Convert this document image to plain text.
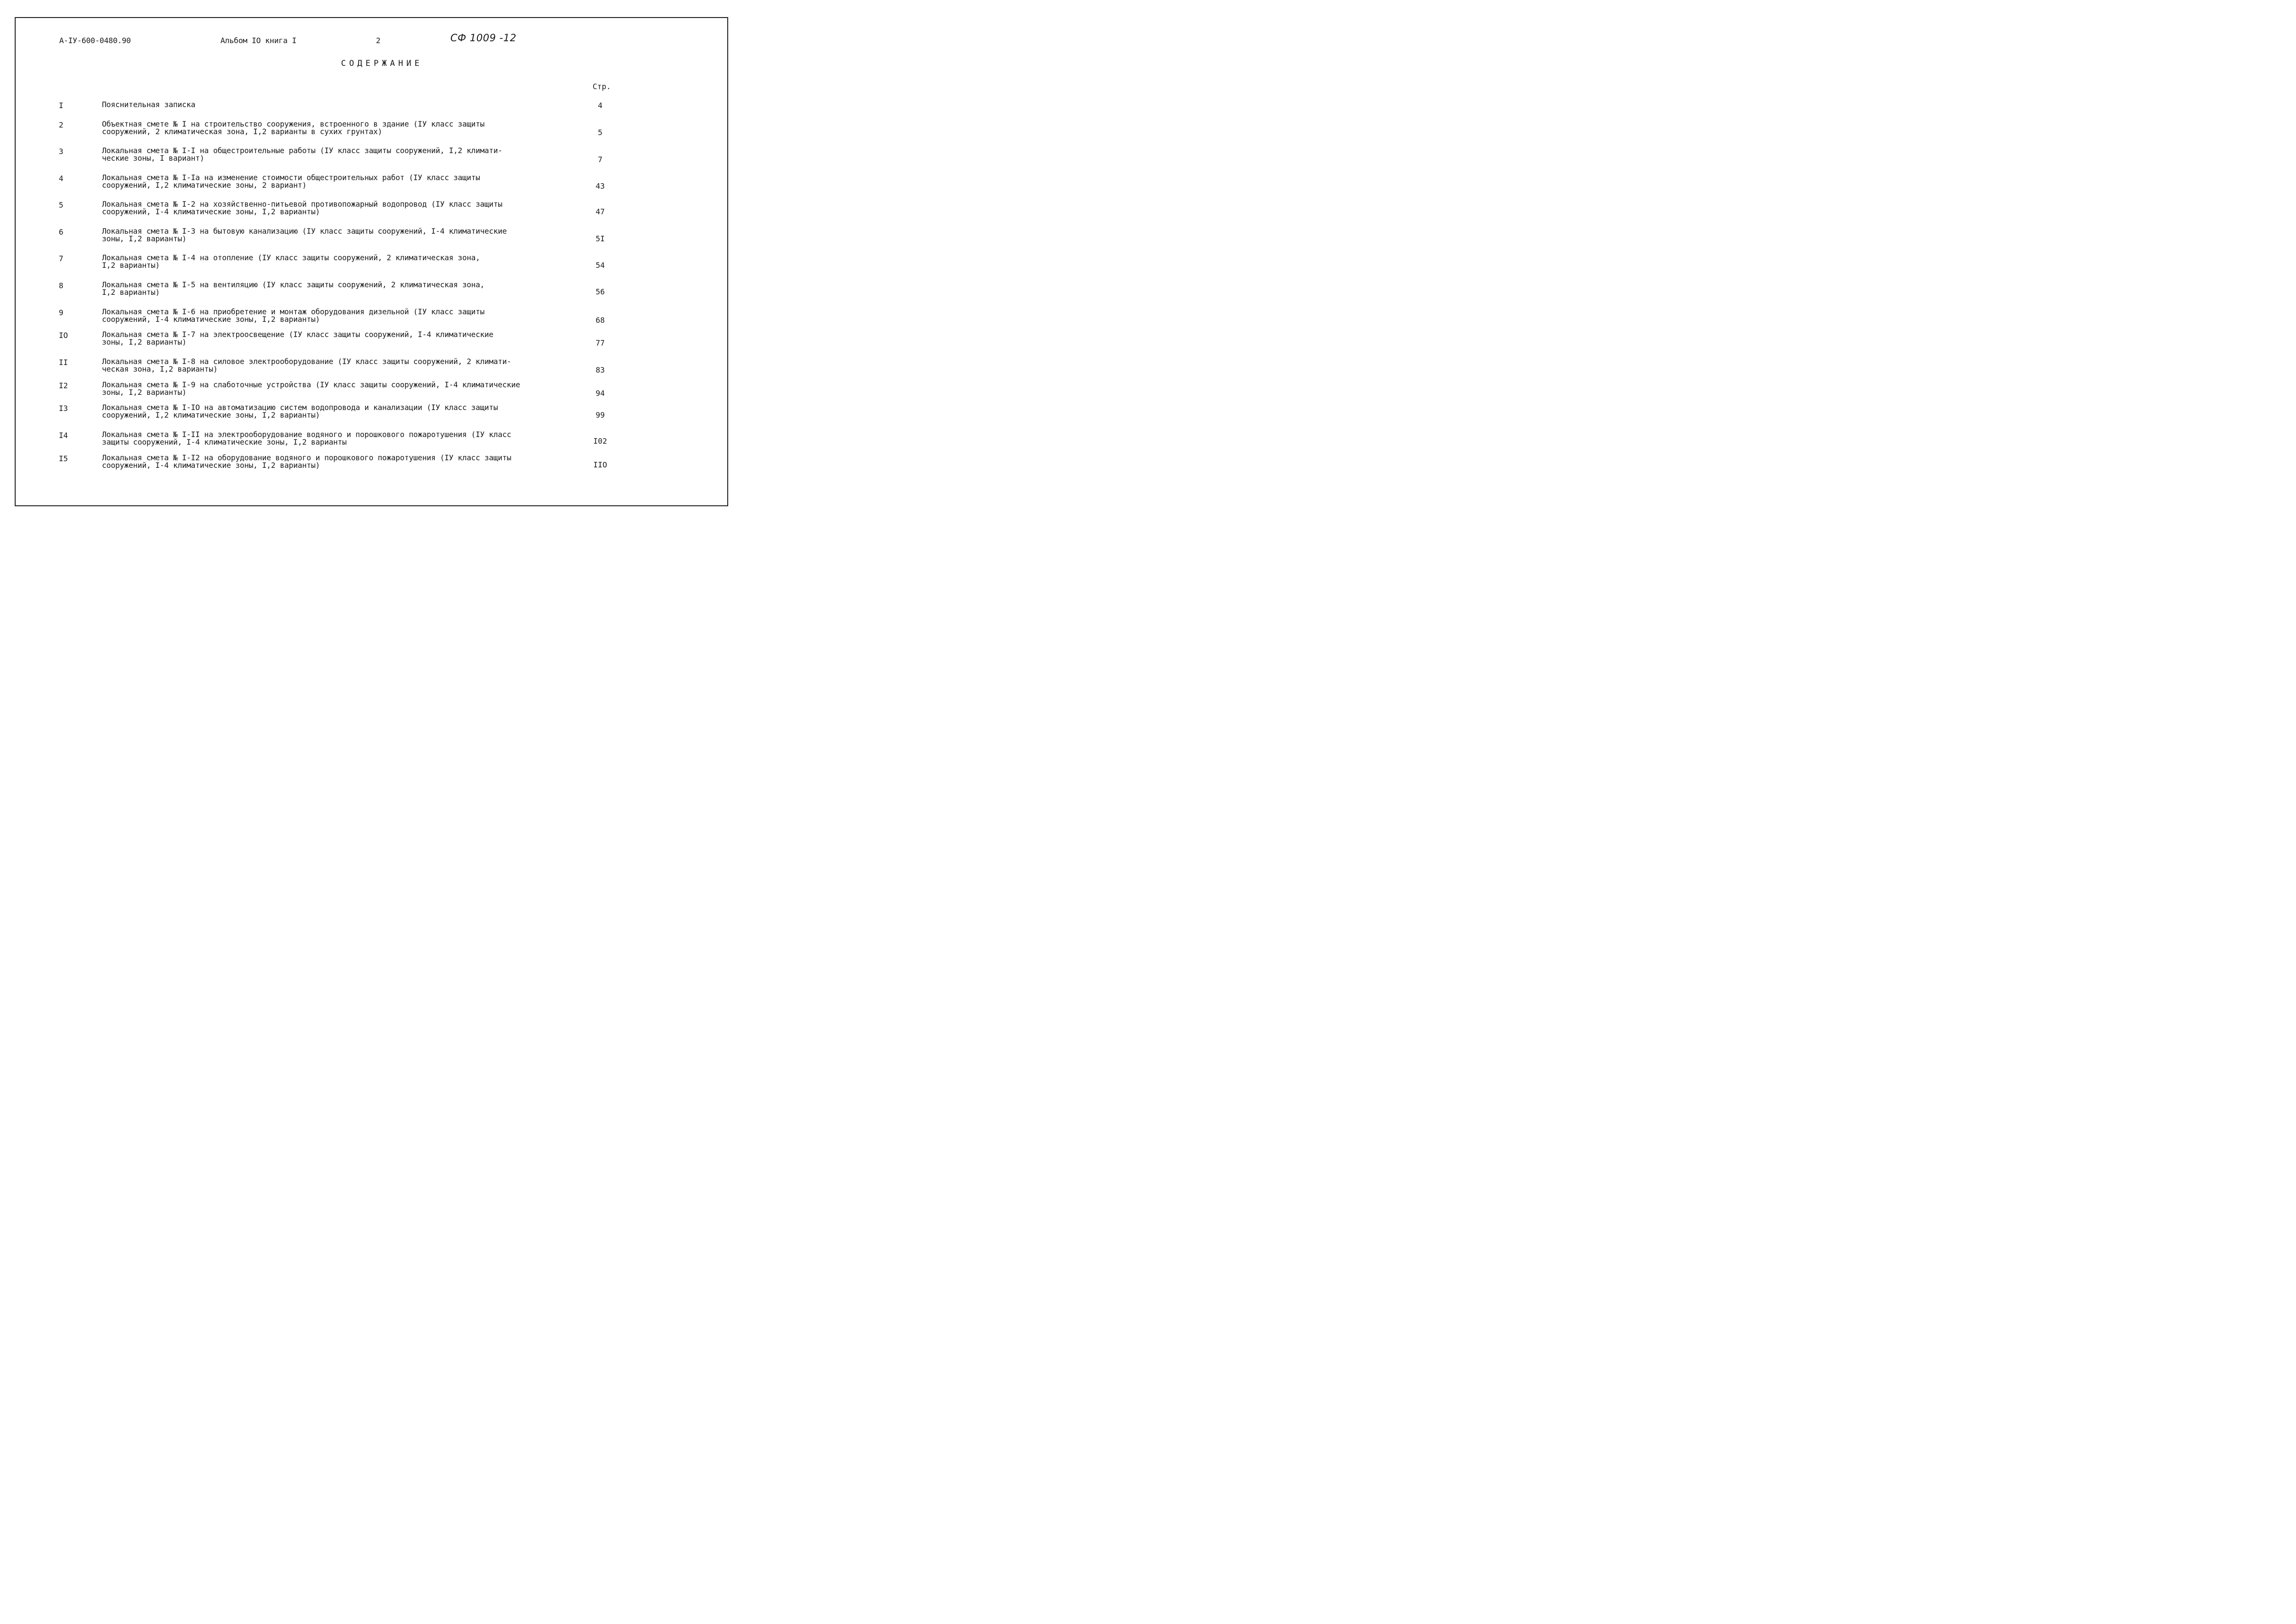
А-IУ-600-0480.90	Альбом IO книга I	2	СФ 1009 -12
СОДЕРЖАНИЕ
Стр.
I	Пояснительная записка	4
2	Объектная смете № I на строительство сооружения, встроенного в здание (IУ класс защиты
сооружений, 2 климатическая зона, I,2 варианты в сухих грунтах)	5
3	Локальная смета № I-I на общестроительные работы (IУ класс защиты сооружений, I,2 климати-
ческие зоны, I вариант)	7
4	Локальная смета № I-Iа на изменение стоимости общестроительных работ (IУ класс защиты
сооружений, I,2 климатические зоны, 2 вариант)	43
5	Локальная смета № I-2 на хозяйственно-питьевой противопожарный водопровод (IУ класс защиты
сооружений, I-4 климатические зоны, I,2 варианты)	47
6	Локальная смета № I-3 на бытовую канализацию (IУ класс защиты сооружений, I-4 климатические
зоны, I,2 варианты)	5I
7	Локальная смета № I-4 на отопление (IУ класс защиты сооружений, 2 климатическая зона,
I,2 варианты)	54
8	Локальная смета № I-5 на вентиляцию (IУ класс защиты сооружений, 2 климатическая зона,
I,2 варианты)	56
9	Локальная смета № I-6 на приобретение и монтаж оборудования дизельной (IУ класс защиты
сооружений, I-4 климатические зоны, I,2 варианты)	68
IO	Локальная смета № I-7 на электроосвещение (IУ класс защиты сооружений, I-4 климатические
зоны, I,2 варианты)	77
II	Локальная смета № I-8 на силовое электрооборудование (IУ класс защиты сооружений, 2 климати-
ческая зона, I,2 варианты)	83
I2	Локальная смета № I-9 на слаботочные устройства (IУ класс защиты сооружений, I-4 климатические
зоны, I,2 варианты)	94
I3	Локальная смета № I-IO на автоматизацию систем водопровода и канализации (IУ класс защиты
сооружений, I,2 климатические зоны, I,2 варианты)	99
I4	Локальная смета № I-II на электрооборудование водяного и порошкового пожаротушения (IУ класс
защиты сооружений, I-4 климатические зоны, I,2 варианты	I02
I5	Локальная смета № I-I2 на оборудование водяного и порошкового пожаротушения (IУ класс защиты
сооружений, I-4 климатические зоны, I,2 варианты)	IIO
